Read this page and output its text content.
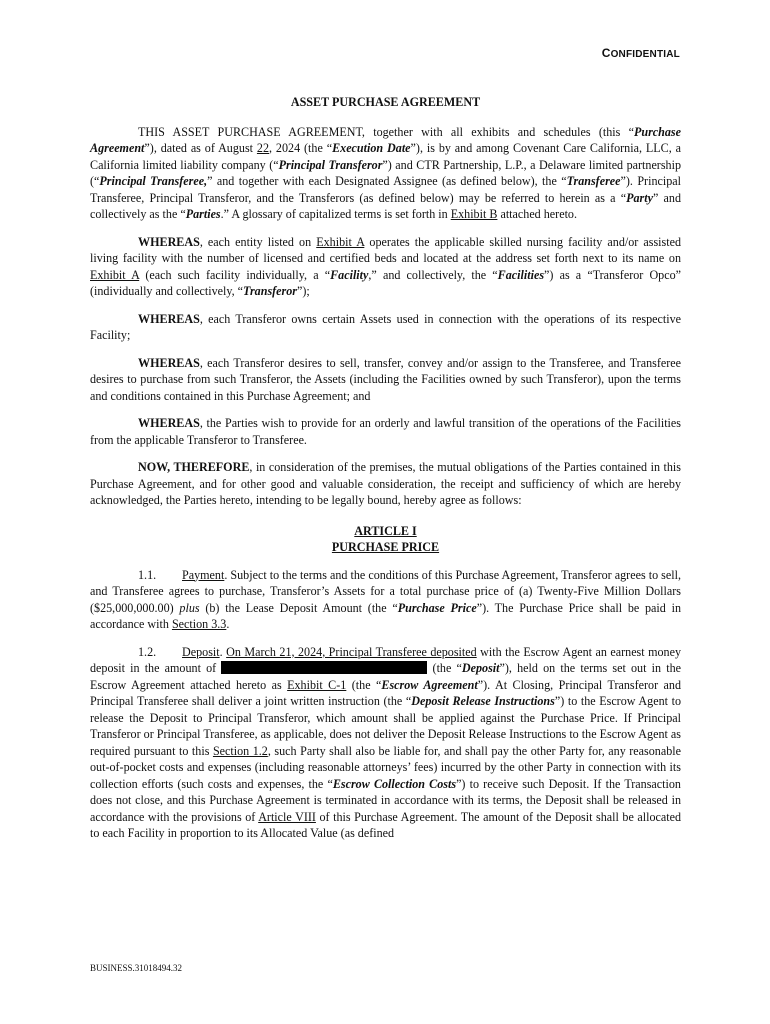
CONFIDENTIAL
ASSET PURCHASE AGREEMENT

THIS ASSET PURCHASE AGREEMENT, together with all exhibits and schedules (this “Purchase Agreement”), dated as of August 22, 2024 (the “Execution Date”), is by and among Covenant Care California, LLC, a California limited liability company (“Principal Transferor”) and CTR Partnership, L.P., a Delaware limited partnership (“Principal Transferee,” and together with each Designated Assignee (as defined below), the “Transferee”). Principal Transferee, Principal Transferor, and the Transferors (as defined below) may be referred to herein as a “Party” and collectively as the “Parties.” A glossary of capitalized terms is set forth in Exhibit B attached hereto.

WHEREAS, each entity listed on Exhibit A operates the applicable skilled nursing facility and/or assisted living facility with the number of licensed and certified beds and located at the address set forth next to its name on Exhibit A (each such facility individually, a “Facility,” and collectively, the “Facilities”) as a “Transferor Opco” (individually and collectively, “Transferor”);

WHEREAS, each Transferor owns certain Assets used in connection with the operations of its respective Facility;

WHEREAS, each Transferor desires to sell, transfer, convey and/or assign to the Transferee, and Transferee desires to purchase from such Transferor, the Assets (including the Facilities owned by such Transferor), upon the terms and conditions contained in this Purchase Agreement; and

WHEREAS, the Parties wish to provide for an orderly and lawful transition of the operations of the Facilities from the applicable Transferor to Transferee.

NOW, THEREFORE, in consideration of the premises, the mutual obligations of the Parties contained in this Purchase Agreement, and for other good and valuable consideration, the receipt and sufficiency of which are hereby acknowledged, the Parties hereto, intending to be legally bound, hereby agree as follows:

ARTICLE I
PURCHASE PRICE

1.1. Payment. Subject to the terms and the conditions of this Purchase Agreement, Transferor agrees to sell, and Transferee agrees to purchase, Transferor’s Assets for a total purchase price of (a) Twenty-Five Million Dollars ($25,000,000.00) plus (b) the Lease Deposit Amount (the “Purchase Price”). The Purchase Price shall be paid in accordance with Section 3.3.

1.2. Deposit. On March 21, 2024, Principal Transferee deposited with the Escrow Agent an earnest money deposit in the amount of	(the “Deposit”), held on the terms set out in the Escrow Agreement attached hereto as Exhibit C-1 (the “Escrow Agreement”). At Closing, Principal Transferor and Principal Transferee shall deliver a joint written instruction (the “Deposit Release Instructions”) to the Escrow Agent to release the Deposit to Principal Transferor, which amount shall be applied against the Purchase Price. If Principal Transferor or Principal Transferee, as applicable, does not deliver the Deposit Release Instructions to the Escrow Agent as required pursuant to this Section 1.2, such Party shall also be liable for, and shall pay the other Party for, any reasonable out-of-pocket costs and expenses (including reasonable attorneys’ fees) incurred by the other Party in connection with its collection efforts (such costs and expenses, the “Escrow Collection Costs”) to receive such Deposit. If the Transaction does not close, and this Purchase Agreement is terminated in accordance with its terms, the Deposit shall be released in accordance with the provisions of Article VIII of this Purchase Agreement. The amount of the Deposit shall be allocated to each Facility in proportion to its Allocated Value (as defined

BUSINESS.31018494.32
